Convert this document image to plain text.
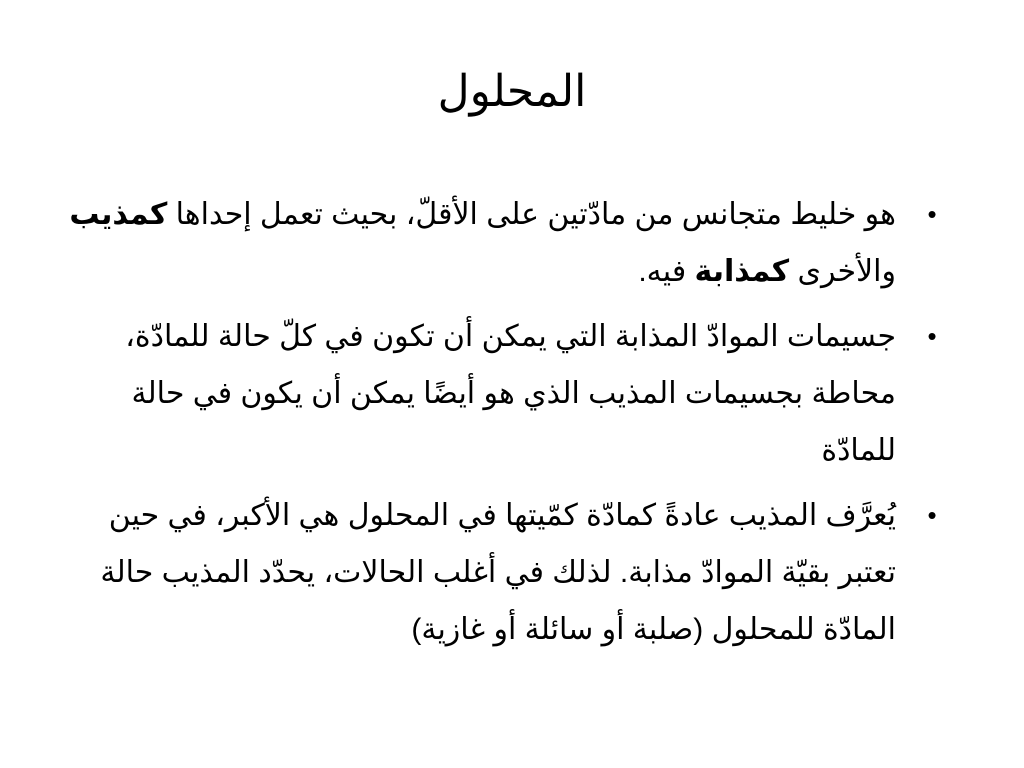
المحلول
•
هو خليط متجانس من مادّتين على الأقلّ، بحيث تعمل إحداها كمذيب والأخرى كمذابة فيه.
•
جسيمات الموادّ المذابة التي يمكن أن تكون في كلّ حالة للمادّة، محاطة بجسيمات المذيب الذي هو أيضًا يمكن أن يكون في حالة للمادّة
•
يُعرَّف المذيب عادةً كمادّة كمّيتها في المحلول هي الأكبر، في حين تعتبر بقيّة الموادّ مذابة. لذلك في أغلب الحالات، يحدّد المذيب حالة المادّة للمحلول (صلبة أو سائلة أو غازية)
